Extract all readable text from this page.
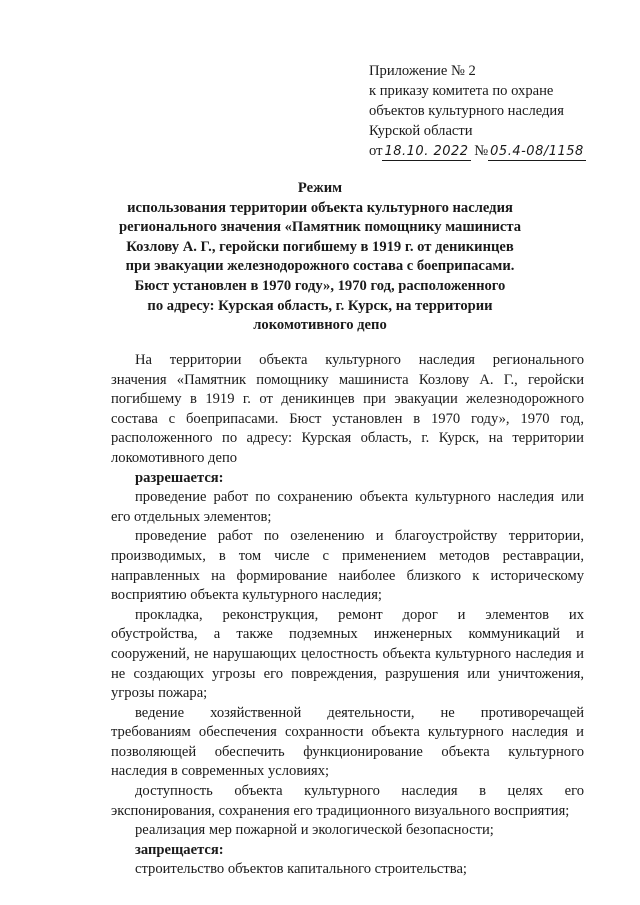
Приложение № 2
к приказу комитета по охране
объектов культурного наследия
Курской области
от 18.10. 2022 № 05.4-08/1158
Режим
использования территории объекта культурного наследия
регионального значения «Памятник помощнику машиниста
Козлову А. Г., геройски погибшему в 1919 г. от деникинцев
при эвакуации железнодорожного состава с боеприпасами.
Бюст установлен в 1970 году», 1970 год, расположенного
по адресу: Курская область, г. Курск, на территории
локомотивного депо
На территории объекта культурного наследия регионального
значения «Памятник помощнику машиниста Козлову А. Г., геройски
погибшему в 1919 г. от деникинцев при эвакуации железнодорожного
состава с боеприпасами. Бюст установлен в 1970 году», 1970 год,
расположенного по адресу: Курская область, г. Курск, на территории
локомотивного депо
разрешается:
проведение работ по сохранению объекта культурного наследия или
его отдельных элементов;
проведение работ по озеленению и благоустройству территории,
производимых, в том числе с применением методов реставрации,
направленных на формирование наиболее близкого к историческому
восприятию объекта культурного наследия;
прокладка, реконструкция, ремонт дорог и элементов их
обустройства, а также подземных инженерных коммуникаций и
сооружений, не нарушающих целостность объекта культурного наследия и
не создающих угрозы его повреждения, разрушения или уничтожения,
угрозы пожара;
ведение хозяйственной деятельности, не противоречащей
требованиям обеспечения сохранности объекта культурного наследия и
позволяющей обеспечить функционирование объекта культурного
наследия в современных условиях;
доступность объекта культурного наследия в целях его
экспонирования, сохранения его традиционного визуального восприятия;
реализация мер пожарной и экологической безопасности;
запрещается:
строительство объектов капитального строительства;
